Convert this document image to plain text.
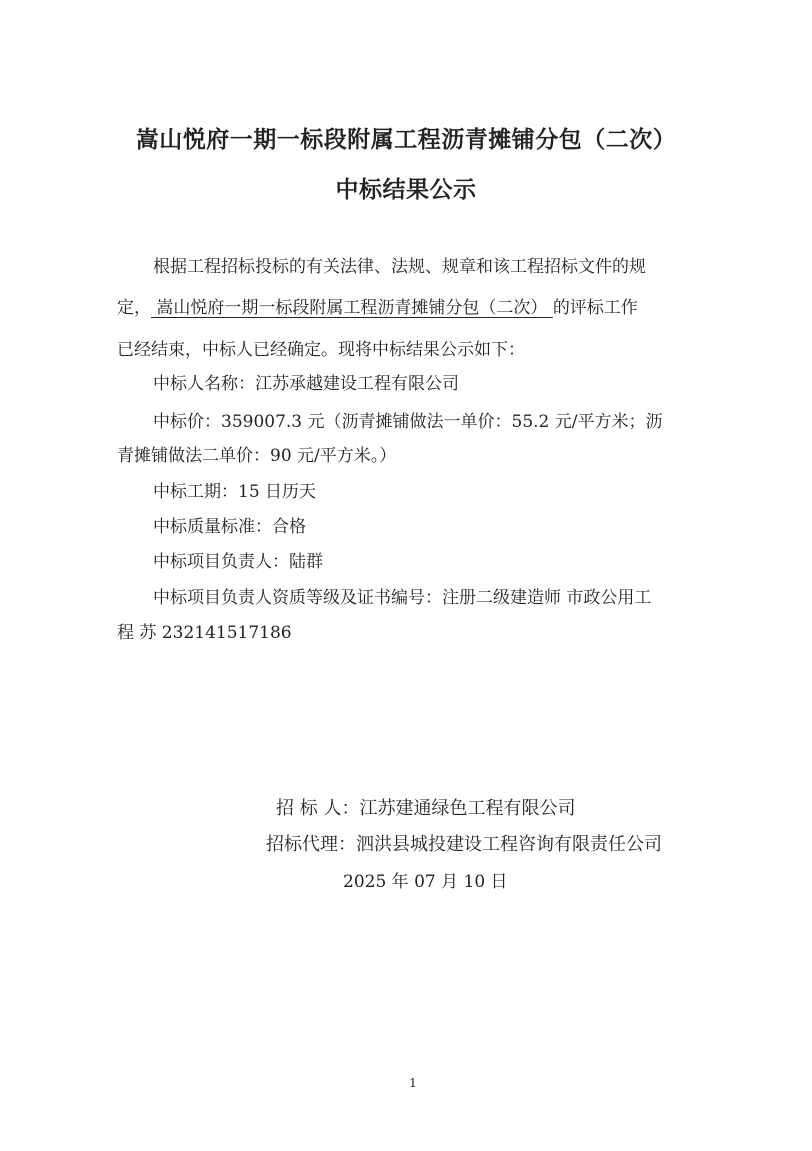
嵩山悦府一期一标段附属工程沥青摊铺分包（二次）
中标结果公示
根据工程招标投标的有关法律、法规、规章和该工程招标文件的规
定， 嵩山悦府一期一标段附属工程沥青摊铺分包（二次） 的评标工作
已经结束，中标人已经确定。现将中标结果公示如下：
中标人名称：江苏承越建设工程有限公司
中标价：359007.3 元（沥青摊铺做法一单价：55.2 元/平方米；沥
青摊铺做法二单价：90 元/平方米。）
中标工期：15 日历天
中标质量标准：合格
中标项目负责人：陆群
中标项目负责人资质等级及证书编号：注册二级建造师 市政公用工
程 苏 232141517186
招 标 人：江苏建通绿色工程有限公司
招标代理：泗洪县城投建设工程咨询有限责任公司
2025 年 07 月 10 日
1
